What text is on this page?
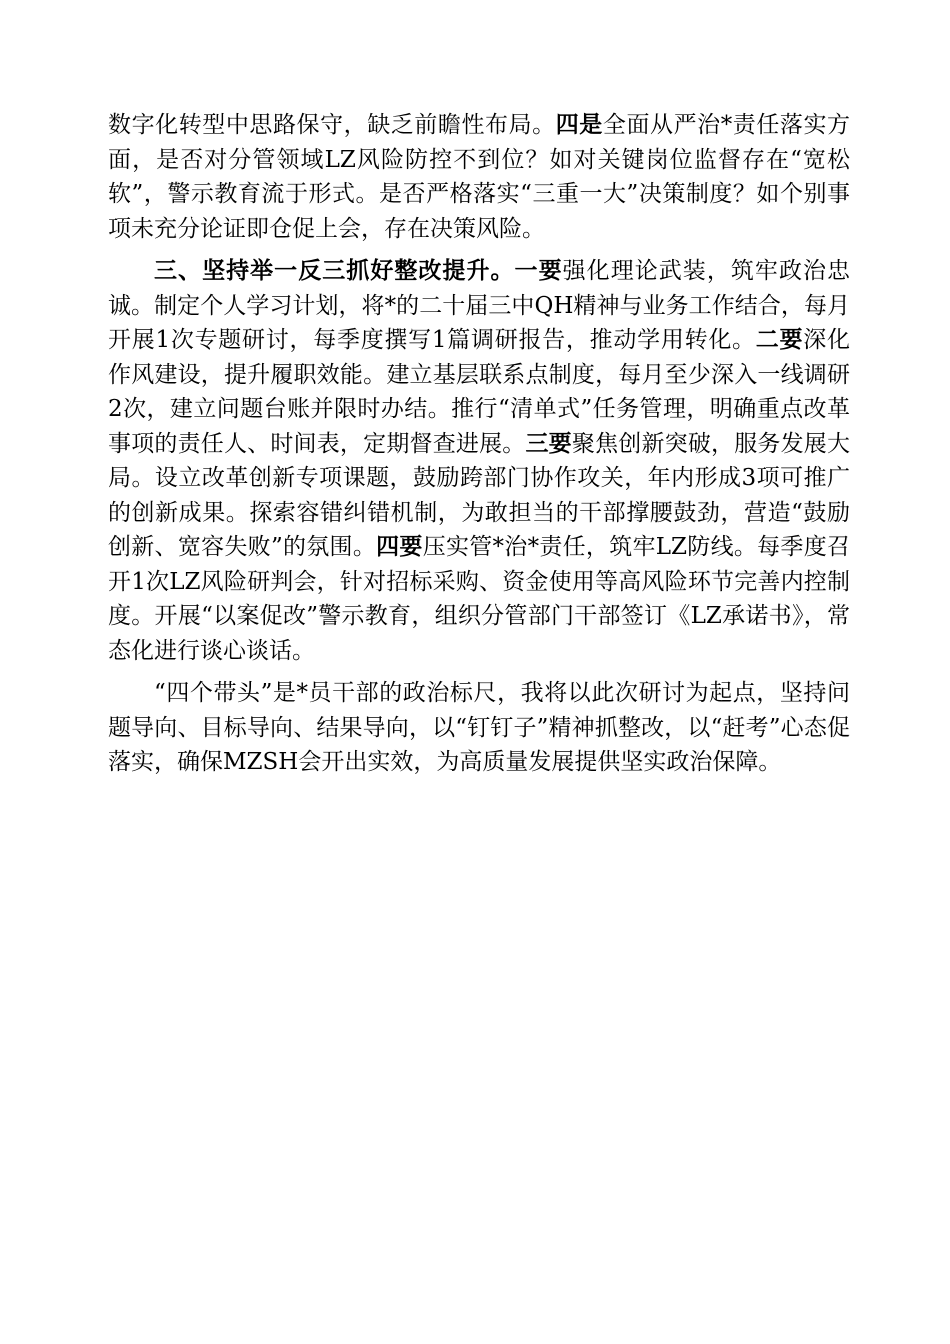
数字化转型中思路保守，缺乏前瞻性布局。四是全面从严治*责任落实方面，是否对分管领域LZ风险防控不到位？如对关键岗位监督存在“宽松软”，警示教育流于形式。是否严格落实“三重一大”决策制度？如个别事项未充分论证即仓促上会，存在决策风险。

三、坚持举一反三抓好整改提升。一要强化理论武装，筑牢政治忠诚。制定个人学习计划，将*的二十届三中QH精神与业务工作结合，每月开展1次专题研讨，每季度撰写1篇调研报告，推动学用转化。二要深化作风建设，提升履职效能。建立基层联系点制度，每月至少深入一线调研2次，建立问题台账并限时办结。推行“清单式”任务管理，明确重点改革事项的责任人、时间表，定期督查进展。三要聚焦创新突破，服务发展大局。设立改革创新专项课题，鼓励跨部门协作攻关，年内形成3项可推广的创新成果。探索容错纠错机制，为敢担当的干部撑腰鼓劲，营造“鼓励创新、宽容失败”的氛围。四要压实管*治*责任，筑牢LZ防线。每季度召开1次LZ风险研判会，针对招标采购、资金使用等高风险环节完善内控制度。开展“以案促改”警示教育，组织分管部门干部签订《LZ承诺书》，常态化进行谈心谈话。

“四个带头”是*员干部的政治标尺，我将以此次研讨为起点，坚持问题导向、目标导向、结果导向，以“钉钉子”精神抓整改，以“赶考”心态促落实，确保MZSH会开出实效，为高质量发展提供坚实政治保障。
